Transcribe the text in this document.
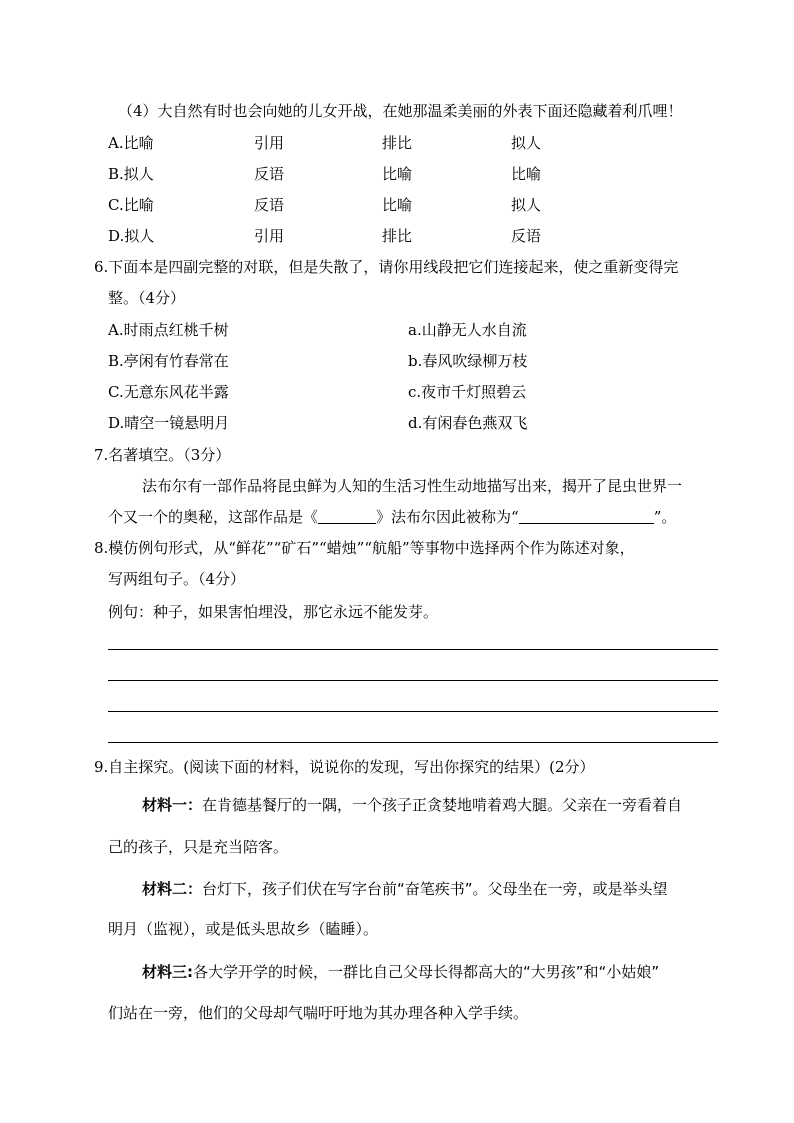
（4）大自然有时也会向她的儿女开战，在她那温柔美丽的外表下面还隐藏着利爪哩！
A.比喻	引用	排比	拟人
B.拟人	反语	比喻	比喻
C.比喻	反语	比喻	拟人
D.拟人	引用	排比	反语
6.下面本是四副完整的对联，但是失散了，请你用线段把它们连接起来，使之重新变得完
整。（4分）
A.时雨点红桃千树	a.山静无人水自流
B.亭闲有竹春常在	b.春风吹绿柳万枝
C.无意东风花半露	c.夜市千灯照碧云
D.晴空一镜悬明月	d.有闲春色燕双飞
7.名著填空。（3分）
法布尔有一部作品将昆虫鲜为人知的生活习性生动地描写出来，揭开了昆虫世界一
个又一个的奥秘，这部作品是《	》法布尔因此被称为“	”。
8.模仿例句形式，从“鲜花”“矿石”“蜡烛”“航船”等事物中选择两个作为陈述对象，
写两组句子。（4分）
例句：种子，如果害怕埋没，那它永远不能发芽。
9.自主探究。(阅读下面的材料，说说你的发现，写出你探究的结果）(2分）
材料一：在肯德基餐厅的一隅，一个孩子正贪婪地啃着鸡大腿。父亲在一旁看着自
己的孩子，只是充当陪客。
材料二：台灯下，孩子们伏在写字台前“奋笔疾书”。父母坐在一旁，或是举头望
明月（监视），或是低头思故乡（瞌睡）。
材料三:各大学开学的时候，一群比自己父母长得都高大的“大男孩”和“小姑娘”
们站在一旁，他们的父母却气喘吁吁地为其办理各种入学手续。
